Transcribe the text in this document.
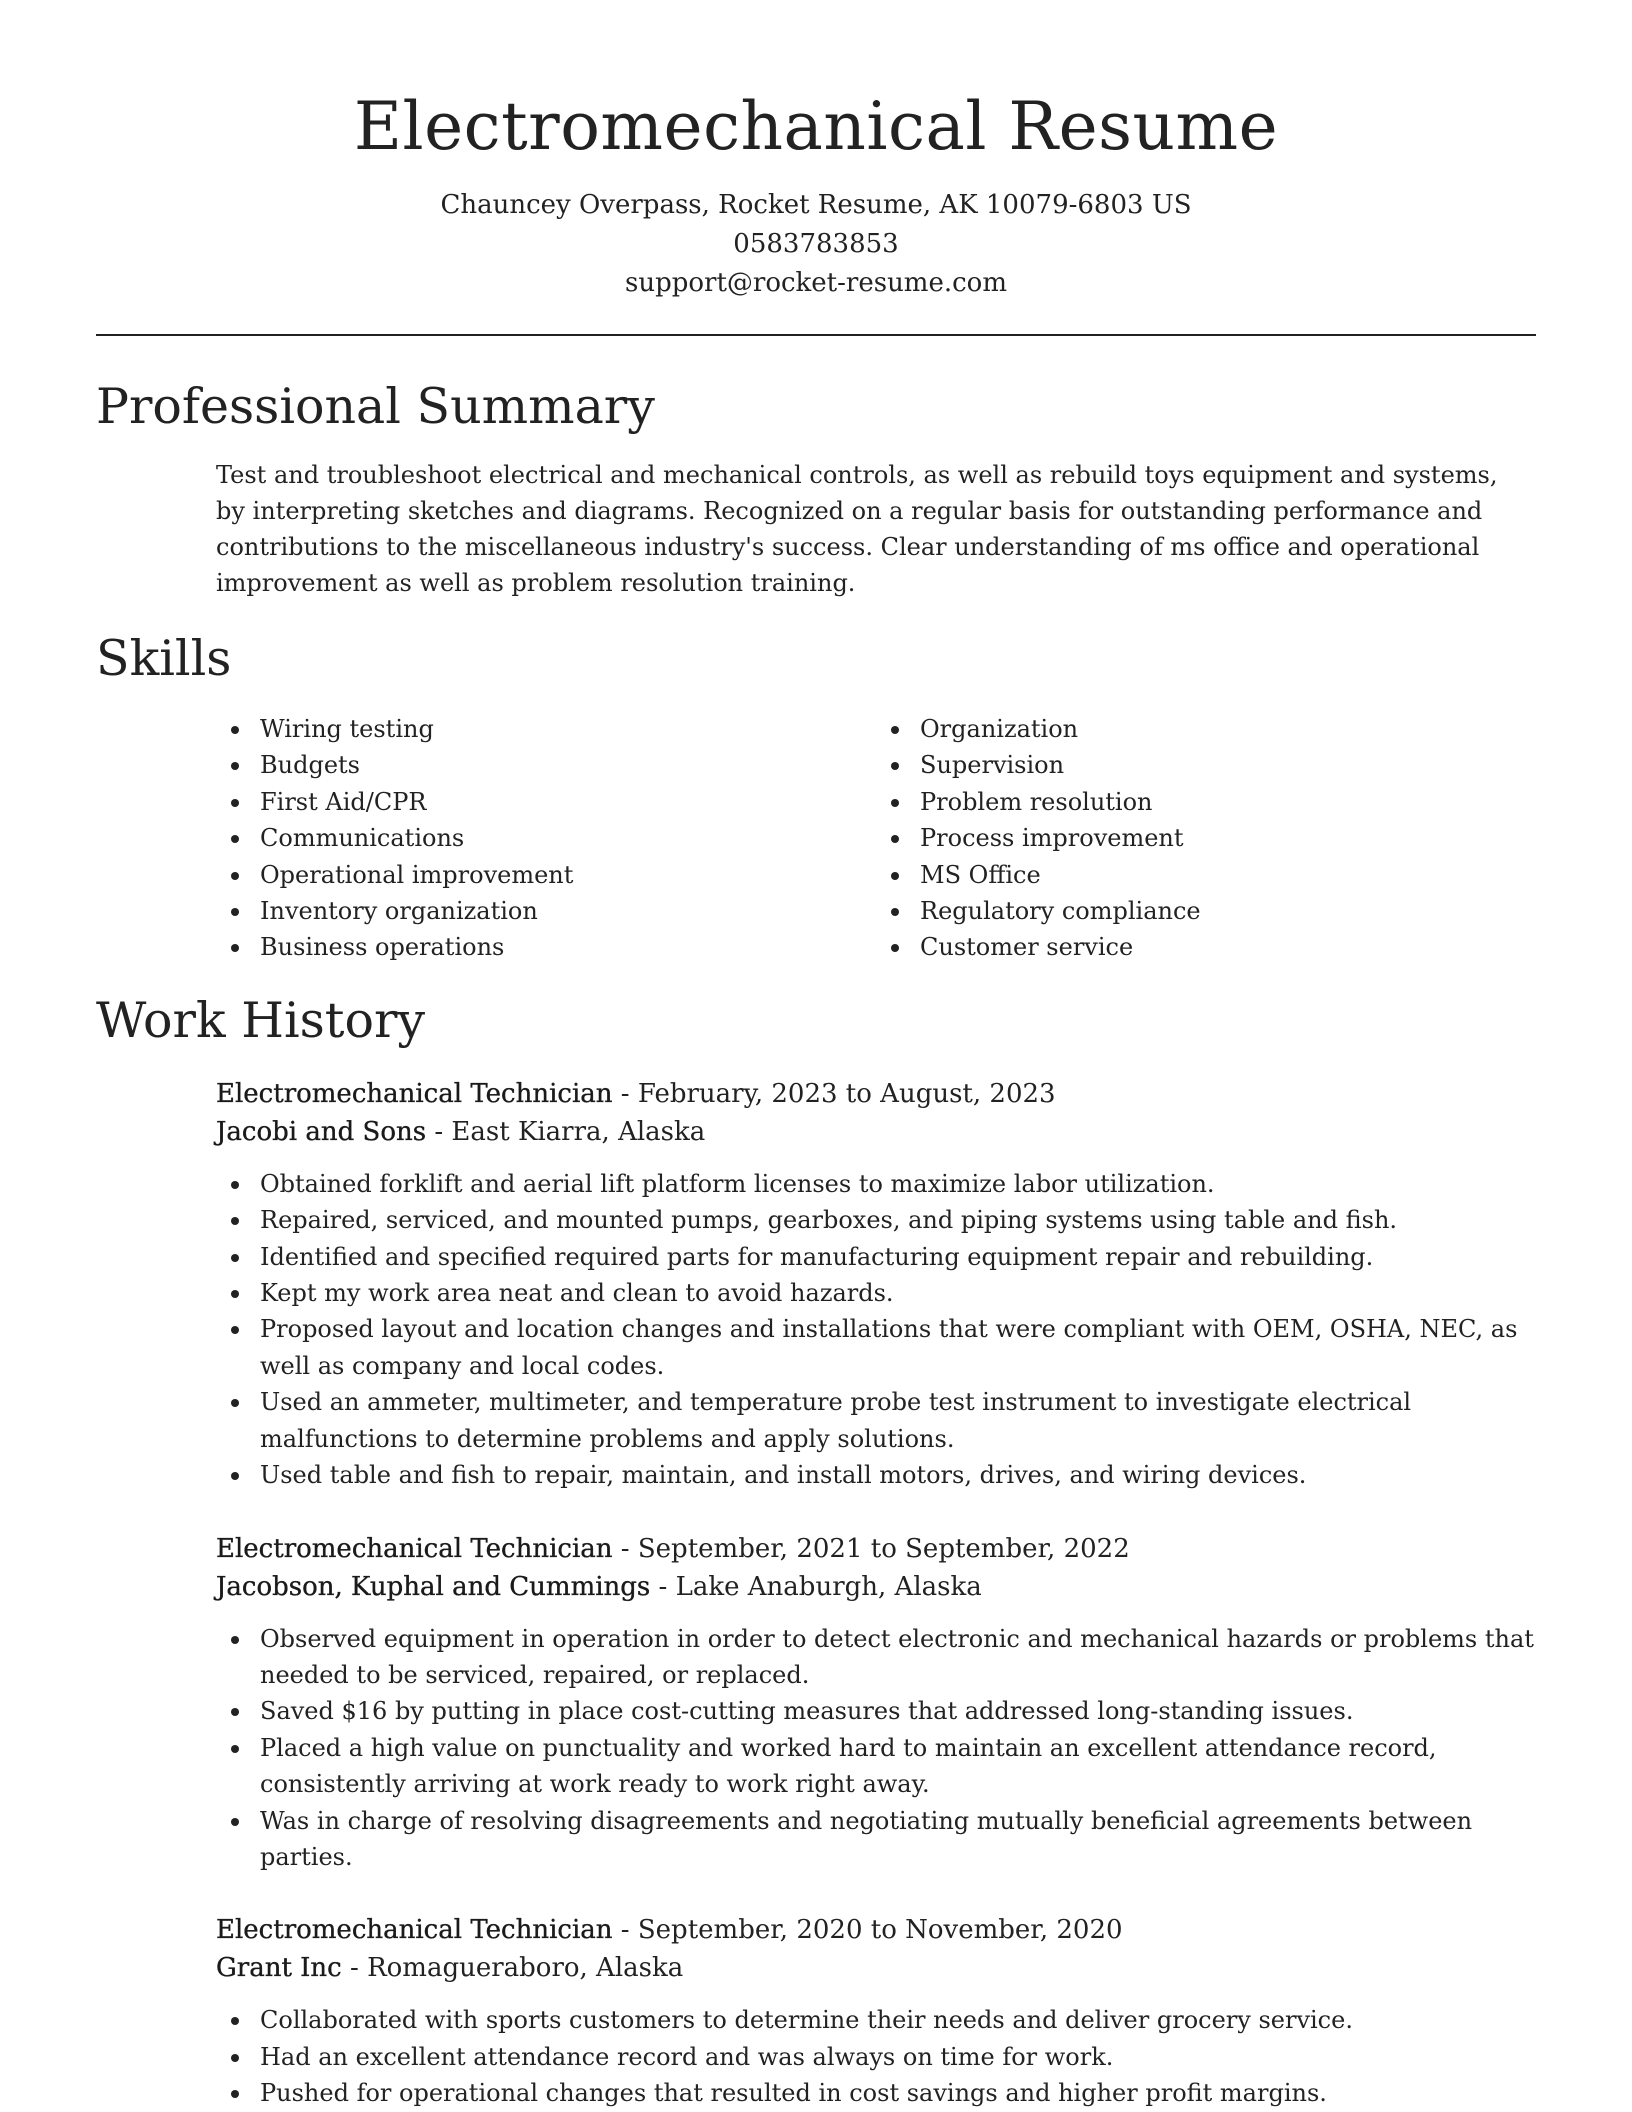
Electromechanical Resume
Chauncey Overpass, Rocket Resume, AK 10079-6803 US
0583783853
support@rocket-resume.com
Professional Summary

Test and troubleshoot electrical and mechanical controls, as well as rebuild toys equipment and systems, by interpreting sketches and diagrams. Recognized on a regular basis for outstanding performance and contributions to the miscellaneous industry's success. Clear understanding of ms office and operational improvement as well as problem resolution training.

Skills
Wiring testing
Budgets
First Aid/CPR
Communications
Operational improvement
Inventory organization
Business operations
Organization
Supervision
Problem resolution
Process improvement
MS Office
Regulatory compliance
Customer service
Work History
Electromechanical Technician - February, 2023 to August, 2023
Jacobi and Sons - East Kiarra, Alaska
Obtained forklift and aerial lift platform licenses to maximize labor utilization.
Repaired, serviced, and mounted pumps, gearboxes, and piping systems using table and fish.
Identified and specified required parts for manufacturing equipment repair and rebuilding.
Kept my work area neat and clean to avoid hazards.
Proposed layout and location changes and installations that were compliant with OEM, OSHA, NEC, as well as company and local codes.
Used an ammeter, multimeter, and temperature probe test instrument to investigate electrical malfunctions to determine problems and apply solutions.
Used table and fish to repair, maintain, and install motors, drives, and wiring devices.
Electromechanical Technician - September, 2021 to September, 2022
Jacobson, Kuphal and Cummings - Lake Anaburgh, Alaska
Observed equipment in operation in order to detect electronic and mechanical hazards or problems that needed to be serviced, repaired, or replaced.
Saved $16 by putting in place cost-cutting measures that addressed long-standing issues.
Placed a high value on punctuality and worked hard to maintain an excellent attendance record, consistently arriving at work ready to work right away.
Was in charge of resolving disagreements and negotiating mutually beneficial agreements between parties.
Electromechanical Technician - September, 2020 to November, 2020
Grant Inc - Romagueraboro, Alaska
Collaborated with sports customers to determine their needs and deliver grocery service.
Had an excellent attendance record and was always on time for work.
Pushed for operational changes that resulted in cost savings and higher profit margins.
